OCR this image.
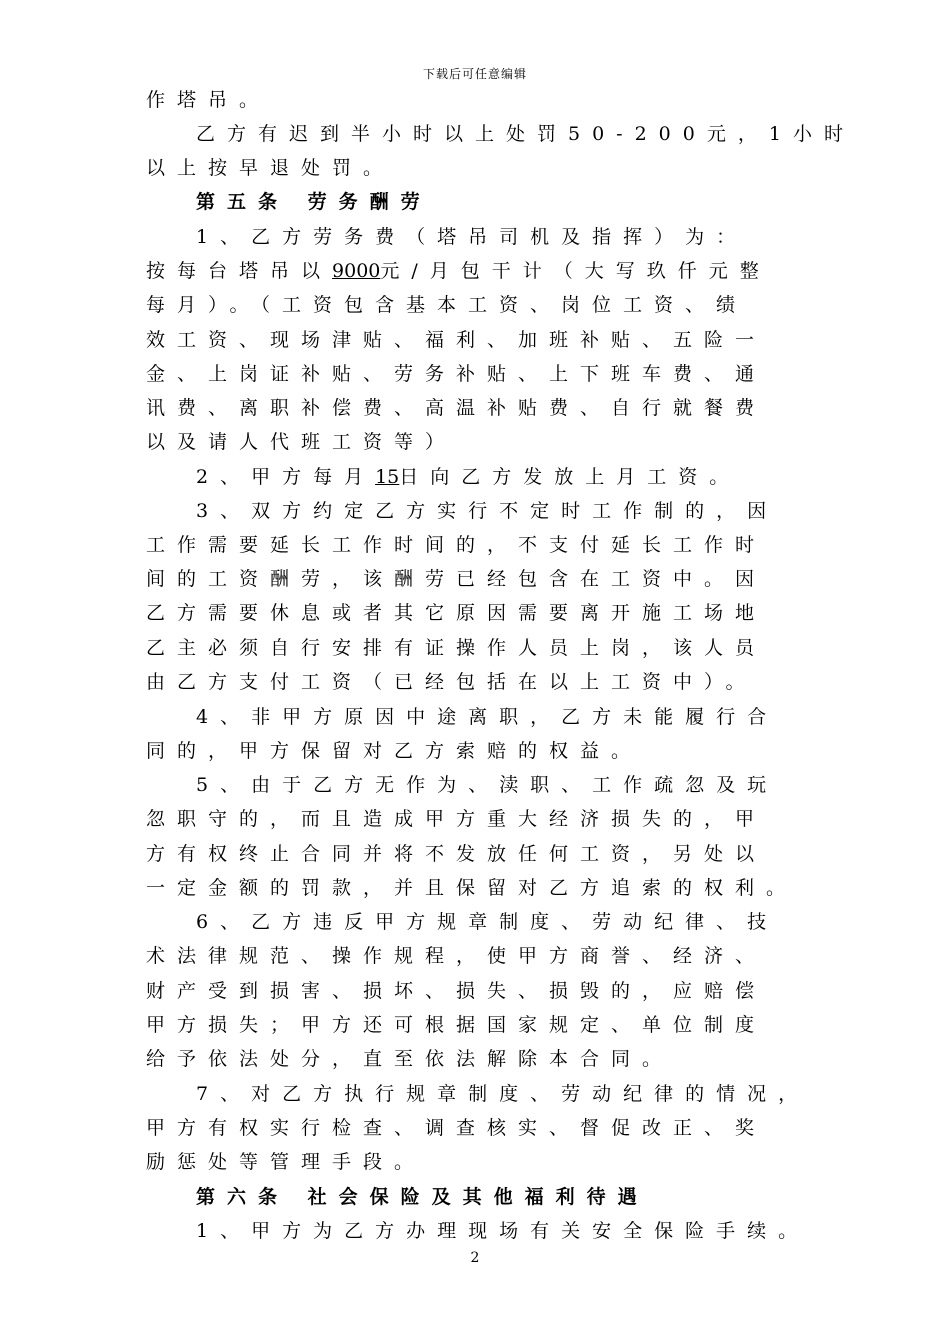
下载后可任意编辑
作塔吊。
乙方有迟到半小时以上处罚50-200元，1小时
以上按早退处罚。
第五条 劳务酬劳
1、乙方劳务费（塔吊司机及指挥）为：
按每台塔吊以9000元/月包干计（大写玖仟元整
每月）。（工资包含基本工资、岗位工资、绩
效工资、现场津贴、福利、加班补贴、五险一
金、上岗证补贴、劳务补贴、上下班车费、通
讯费、离职补偿费、高温补贴费、自行就餐费
以及请人代班工资等）
2、甲方每月15日向乙方发放上月工资。
3、双方约定乙方实行不定时工作制的，因
工作需要延长工作时间的，不支付延长工作时
间的工资酬劳，该酬劳已经包含在工资中。因
乙方需要休息或者其它原因需要离开施工场地
乙主必须自行安排有证操作人员上岗，该人员
由乙方支付工资（已经包括在以上工资中）。
4、非甲方原因中途离职，乙方未能履行合
同的，甲方保留对乙方索赔的权益。
5、由于乙方无作为、渎职、工作疏忽及玩
忽职守的，而且造成甲方重大经济损失的，甲
方有权终止合同并将不发放任何工资，另处以
一定金额的罚款，并且保留对乙方追索的权利。
6、乙方违反甲方规章制度、劳动纪律、技
术法律规范、操作规程，使甲方商誉、经济、
财产受到损害、损坏、损失、损毁的，应赔偿
甲方损失；甲方还可根据国家规定、单位制度
给予依法处分，直至依法解除本合同。
7、对乙方执行规章制度、劳动纪律的情况，
甲方有权实行检查、调查核实、督促改正、奖
励惩处等管理手段。
第六条 社会保险及其他福利待遇
1、甲方为乙方办理现场有关安全保险手续。
2
